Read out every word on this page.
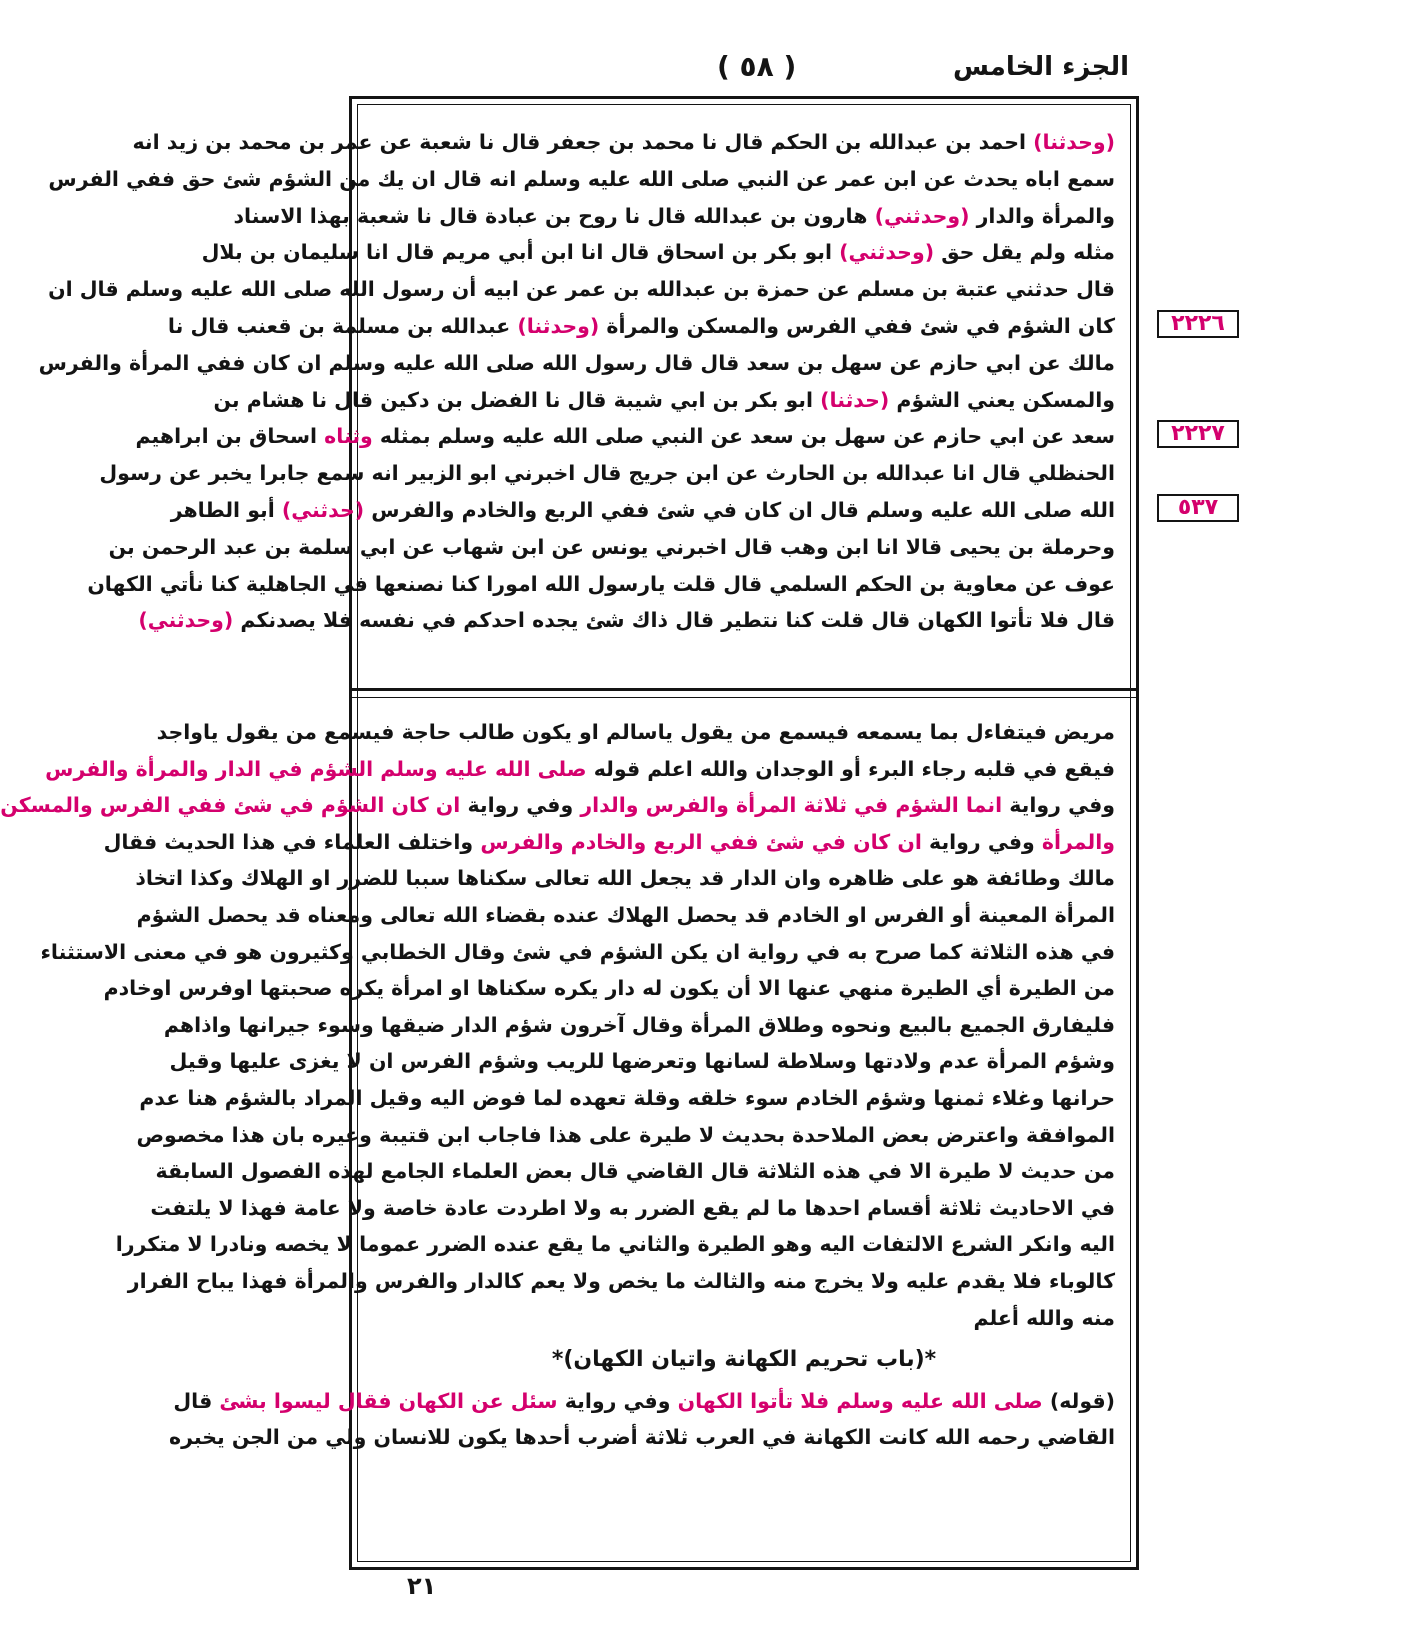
الجزء الخامس
( ٥٨ )
(وحدثنا) احمد بن عبدالله بن الحكم قال نا محمد بن جعفر قال نا شعبة عن عمر بن محمد بن زيد انه
سمع اباه يحدث عن ابن عمر عن النبي صلى الله عليه وسلم انه قال ان يك من الشؤم شئ حق ففي الفرس
والمرأة والدار (وحدثني) هارون بن عبدالله قال نا روح بن عبادة قال نا شعبة بهذا الاسناد
مثله ولم يقل حق (وحدثني) ابو بكر بن اسحاق قال انا ابن أبي مريم قال انا سليمان بن بلال
قال حدثني عتبة بن مسلم عن حمزة بن عبدالله بن عمر عن ابيه أن رسول الله صلى الله عليه وسلم قال ان
كان الشؤم في شئ ففي الفرس والمسكن والمرأة (وحدثنا) عبدالله بن مسلمة بن قعنب قال نا
مالك عن ابي حازم عن سهل بن سعد قال قال رسول الله صلى الله عليه وسلم ان كان ففي المرأة والفرس
والمسكن يعني الشؤم (حدثنا) ابو بكر بن ابي شيبة قال نا الفضل بن دكين قال نا هشام بن
سعد عن ابي حازم عن سهل بن سعد عن النبي صلى الله عليه وسلم بمثله وثناه اسحاق بن ابراهيم
الحنظلي قال انا عبدالله بن الحارث عن ابن جريج قال اخبرني ابو الزبير انه سمع جابرا يخبر عن رسول
الله صلى الله عليه وسلم قال ان كان في شئ ففي الربع والخادم والفرس (حدثني) أبو الطاهر
وحرملة بن يحيى قالا انا ابن وهب قال اخبرني يونس عن ابن شهاب عن ابي سلمة بن عبد الرحمن بن
عوف عن معاوية بن الحكم السلمي قال قلت يارسول الله امورا كنا نصنعها في الجاهلية كنا نأتي الكهان
قال فلا تأتوا الكهان قال قلت كنا نتطير قال ذاك شئ يجده احدكم في نفسه فلا يصدنكم (وحدثني)
مريض فيتفاءل بما يسمعه فيسمع من يقول ياسالم او يكون طالب حاجة فيسمع من يقول ياواجد
فيقع في قلبه رجاء البرء أو الوجدان والله اعلم قوله صلى الله عليه وسلم الشؤم في الدار والمرأة والفرس
وفي رواية انما الشؤم في ثلاثة المرأة والفرس والدار وفي رواية ان كان الشؤم في شئ ففي الفرس والمسكن
والمرأة وفي رواية ان كان في شئ ففي الربع والخادم والفرس واختلف العلماء في هذا الحديث فقال
مالك وطائفة هو على ظاهره وان الدار قد يجعل الله تعالى سكناها سببا للضرر او الهلاك وكذا اتخاذ
المرأة المعينة أو الفرس او الخادم قد يحصل الهلاك عنده بقضاء الله تعالى ومعناه قد يحصل الشؤم
في هذه الثلاثة كما صرح به في رواية ان يكن الشؤم في شئ وقال الخطابي وكثيرون هو في معنى الاستثناء
من الطيرة أي الطيرة منهي عنها الا أن يكون له دار يكره سكناها او امرأة يكره صحبتها اوفرس اوخادم
فليفارق الجميع بالبيع ونحوه وطلاق المرأة وقال آخرون شؤم الدار ضيقها وسوء جيرانها واذاهم
وشؤم المرأة عدم ولادتها وسلاطة لسانها وتعرضها للريب وشؤم الفرس ان لا يغزى عليها وقيل
حرانها وغلاء ثمنها وشؤم الخادم سوء خلقه وقلة تعهده لما فوض اليه وقيل المراد بالشؤم هنا عدم
الموافقة واعترض بعض الملاحدة بحديث لا طيرة على هذا فاجاب ابن قتيبة وغيره بان هذا مخصوص
من حديث لا طيرة الا في هذه الثلاثة قال القاضي قال بعض العلماء الجامع لهذه الفصول السابقة
في الاحاديث ثلاثة أقسام احدها ما لم يقع الضرر به ولا اطردت عادة خاصة ولا عامة فهذا لا يلتفت
اليه وانكر الشرع الالتفات اليه وهو الطيرة والثاني ما يقع عنده الضرر عموما لا يخصه ونادرا لا متكررا
كالوباء فلا يقدم عليه ولا يخرج منه والثالث ما يخص ولا يعم كالدار والفرس والمرأة فهذا يباح الفرار
منه والله أعلم
*(باب تحريم الكهانة واتيان الكهان)*
(قوله) صلى الله عليه وسلم فلا تأتوا الكهان وفي رواية سئل عن الكهان فقال ليسوا بشئ قال
القاضي رحمه الله كانت الكهانة في العرب ثلاثة أضرب أحدها يكون للانسان ولي من الجن يخبره
٢٢٢٦
٢٢٢٧
٥٣٧
٢١
